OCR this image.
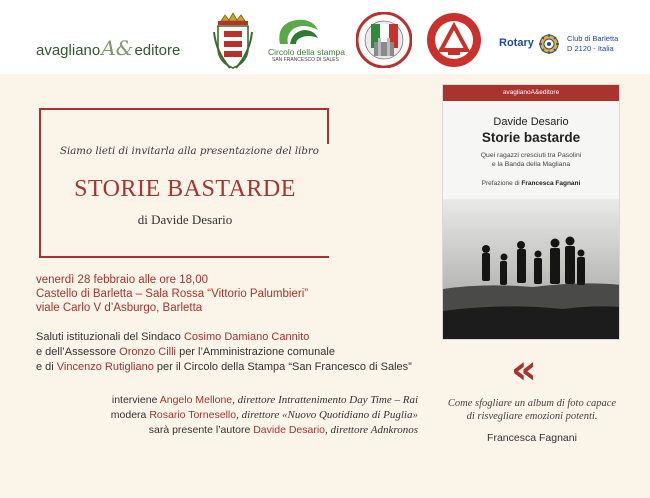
avaglianoA&editore	Circolo della stampa
SAN FRANCESCO DI SALES
Rotary	Club di Barletta
D 2120 - Italia
Siamo lieti di invitarla alla presentazione del libro
STORIE BASTARDE
di Davide Desario
venerdì 28 febbraio alle ore 18,00
Castello di Barletta – Sala Rossa “Vittorio Palumbieri”
viale Carlo V d’Asburgo, Barletta
Saluti istituzionali del Sindaco Cosimo Damiano Cannito
e dell’Assessore Oronzo Cilli per l’Amministrazione comunale
e di Vincenzo Rutigliano per il Circolo della Stampa “San Francesco di Sales”
interviene Angelo Mellone, direttore Intrattenimento Day Time – Rai
modera Rosario Tornesello, direttore «Nuovo Quotidiano di Puglia»
sarà presente l’autore Davide Desario, direttore Adnkronos
avaglianoA&editore
Davide Desario
Storie bastarde
Quei ragazzi cresciuti tra Pasolini
e la Banda della Magliana
Prefazione di Francesca Fagnani
«
Come sfogliare un album di foto capace
di risvegliare emozioni potenti.
Francesca Fagnani
